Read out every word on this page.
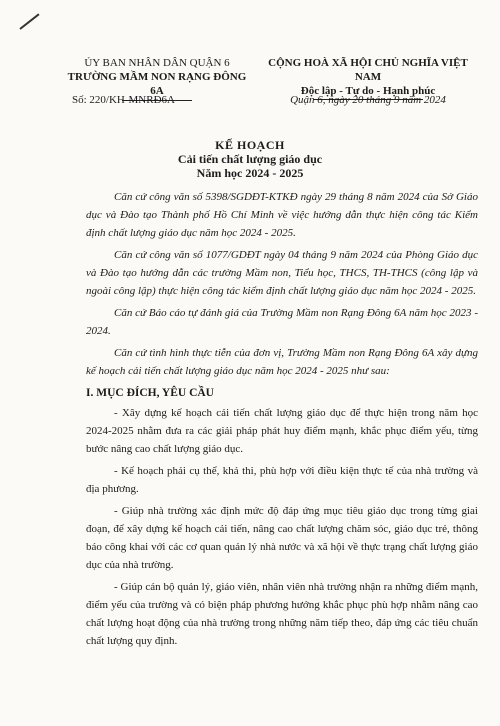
ỦY BAN NHÂN DÂN QUẬN 6
TRƯỜNG MẦM NON RẠNG ĐÔNG 6A
CỘNG HOÀ XÃ HỘI CHỦ NGHĨA VIỆT NAM
Độc lập - Tự do - Hạnh phúc
Số: 220/KH-MNRĐ6A	Quận 6, ngày 20 tháng 9 năm 2024
KẾ HOẠCH
Cải tiến chất lượng giáo dục
Năm học 2024 - 2025

Căn cứ công văn số 5398/SGDĐT-KTKĐ ngày 29 tháng 8 năm 2024 của Sở Giáo dục và Đào tạo Thành phố Hồ Chí Minh về việc hướng dẫn thực hiện công tác Kiểm định chất lượng giáo dục năm học 2024 - 2025.

Căn cứ công văn số 1077/GDĐT ngày 04 tháng 9 năm 2024 của Phòng Giáo dục và Đào tạo hướng dẫn các trường Mầm non, Tiểu học, THCS, TH-THCS (công lập và ngoài công lập) thực hiện công tác kiểm định chất lượng giáo dục năm học 2024 - 2025.

Căn cứ Báo cáo tự đánh giá của Trường Mầm non Rạng Đông 6A năm học 2023 - 2024.

Căn cứ tình hình thực tiễn của đơn vị, Trường Mầm non Rạng Đông 6A xây dựng kế hoạch cải tiến chất lượng giáo dục năm học 2024 - 2025 như sau:

I. MỤC ĐÍCH, YÊU CẦU

- Xây dựng kế hoạch cải tiến chất lượng giáo dục để thực hiện trong năm học 2024-2025 nhằm đưa ra các giải pháp phát huy điểm mạnh, khắc phục điểm yếu, từng bước nâng cao chất lượng giáo dục.

- Kế hoạch phải cụ thể, khả thi, phù hợp với điều kiện thực tế của nhà trường và địa phương.

- Giúp nhà trường xác định mức độ đáp ứng mục tiêu giáo dục trong từng giai đoạn, để xây dựng kế hoạch cải tiến, nâng cao chất lượng chăm sóc, giáo dục trẻ, thông báo công khai với các cơ quan quản lý nhà nước và xã hội về thực trạng chất lượng giáo dục của nhà trường.

- Giúp cán bộ quản lý, giáo viên, nhân viên nhà trường nhận ra những điểm mạnh, điểm yếu của trường và có biện pháp phương hướng khắc phục phù hợp nhằm nâng cao chất lượng hoạt động của nhà trường trong những năm tiếp theo, đáp ứng các tiêu chuẩn chất lượng quy định.
